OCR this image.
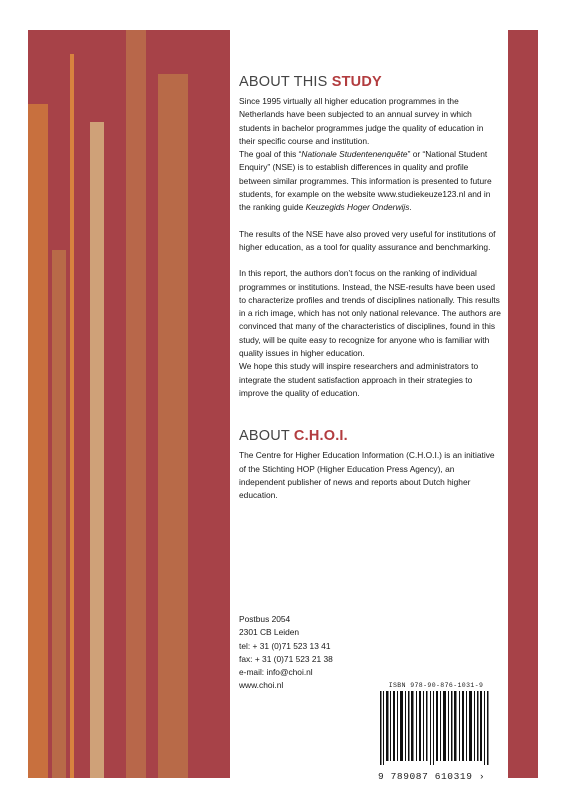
ABOUT THIS STUDY

Since 1995 virtually all higher education programmes in the Netherlands have been subjected to an annual survey in which students in bachelor programmes judge the quality of education in their specific course and institution.

The goal of this “Nationale Studentenenquête” or “National Student Enquiry” (NSE) is to establish differences in quality and profile between similar programmes. This information is presented to future students, for example on the website www.studiekeuze123.nl and in the ranking guide Keuzegids Hoger Onderwijs.

The results of the NSE have also proved very useful for institutions of higher education, as a tool for quality assurance and benchmarking.

In this report, the authors don’t focus on the ranking of individual programmes or institutions. Instead, the NSE-results have been used to characterize profiles and trends of disciplines nationally. This results in a rich image, which has not only national relevance. The authors are convinced that many of the characteristics of disciplines, found in this study, will be quite easy to recognize for anyone who is familiar with quality issues in higher education.

We hope this study will inspire researchers and administrators to integrate the student satisfaction approach in their strategies to improve the quality of education.

ABOUT C.H.O.I.

The Centre for Higher Education Information (C.H.O.I.) is an initiative of the Stichting HOP (Higher Education Press Agency), an independent publisher of news and reports about Dutch higher education.

Postbus 2054
2301 CB Leiden
tel: + 31 (0)71 523 13 41
fax: + 31 (0)71 523 21 38
e-mail: info@choi.nl
www.choi.nl	ISBN 978-90-876-1031-9
9 789087 610319 ›
